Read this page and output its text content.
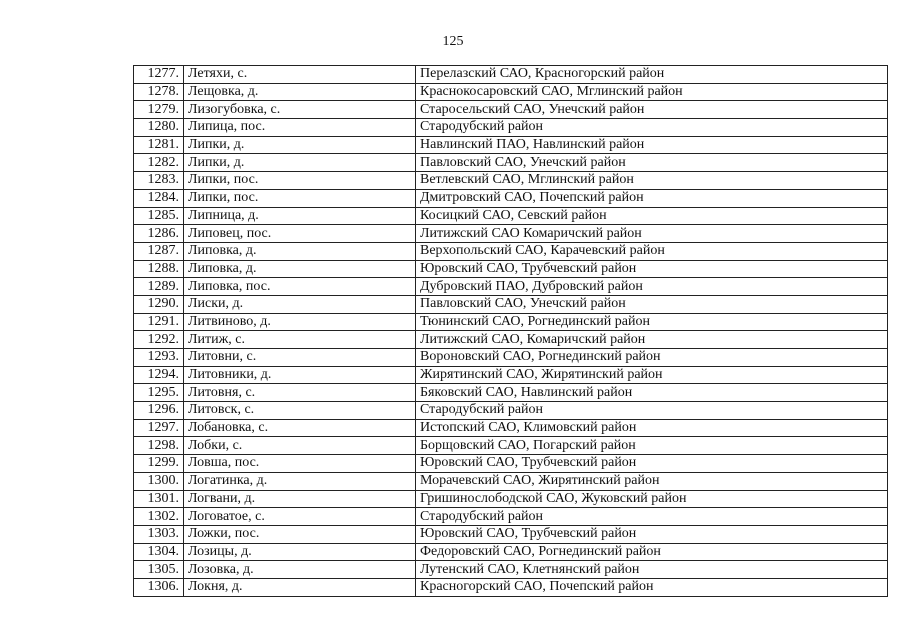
125
1277.	Летяхи, с.	Перелазский САО, Красногорский район
1278.	Лещовка, д.	Краснокосаровский САО, Мглинский район
1279.	Лизогубовка, с.	Старосельский САО, Унечский район
1280.	Липица, пос.	Стародубский район
1281.	Липки, д.	Навлинский ПАО, Навлинский район
1282.	Липки, д.	Павловский САО, Унечский район
1283.	Липки, пос.	Ветлевский САО, Мглинский район
1284.	Липки, пос.	Дмитровский САО, Почепский район
1285.	Липница, д.	Косицкий САО, Севский район
1286.	Липовец, пос.	Литижский САО Комаричский район
1287.	Липовка, д.	Верхопольский САО, Карачевский район
1288.	Липовка, д.	Юровский САО, Трубчевский район
1289.	Липовка, пос.	Дубровский ПАО, Дубровский район
1290.	Лиски, д.	Павловский САО, Унечский район
1291.	Литвиново, д.	Тюнинский САО, Рогнединский район
1292.	Литиж, с.	Литижский САО, Комаричский район
1293.	Литовни, с.	Вороновский САО, Рогнединский район
1294.	Литовники, д.	Жирятинский САО, Жирятинский район
1295.	Литовня, с.	Бяковский САО, Навлинский район
1296.	Литовск, с.	Стародубский район
1297.	Лобановка, с.	Истопский САО, Климовский район
1298.	Лобки, с.	Борщовский САО, Погарский район
1299.	Ловша, пос.	Юровский САО, Трубчевский район
1300.	Логатинка, д.	Морачевский САО, Жирятинский район
1301.	Логвани, д.	Гришинослободской САО, Жуковский район
1302.	Логоватое, с.	Стародубский район
1303.	Ложки, пос.	Юровский САО, Трубчевский район
1304.	Лозицы, д.	Федоровский САО, Рогнединский район
1305.	Лозовка, д.	Лутенский САО, Клетнянский район
1306.	Локня, д.	Красногорский САО, Почепский район
